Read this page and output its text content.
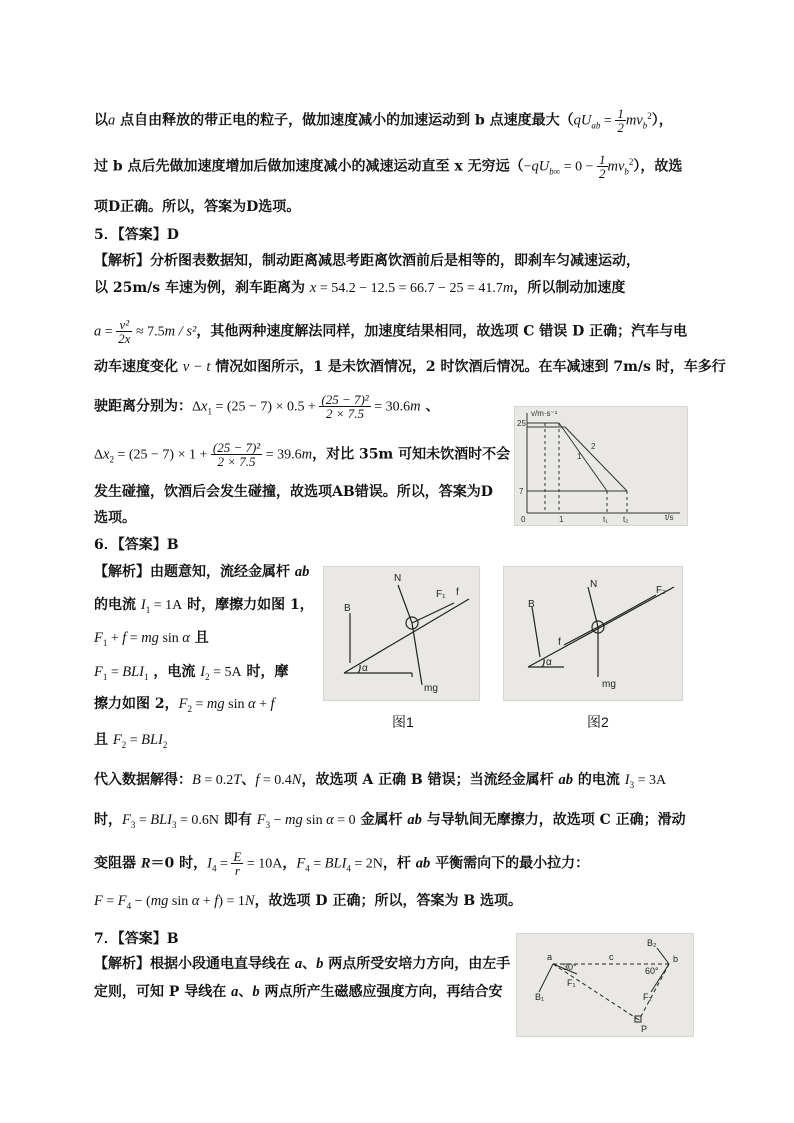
以a 点自由释放的带正电的粒子，做加速度减小的加速运动到 b 点速度最大$(qU_{ab} = \frac{1}{2} mv_b^2)$，
过 b 点后先做加速度增加后做加速度减小的减速运动直至 x 无穷远$(-qU_{b\infty} = 0 - \frac{1}{2} mv_b^2)$，故选
项D正确。所以，答案为D选项。
5．【答案】D
【解析】分析图表数据知，制动距离减思考距离饮酒前后是相等的，即刹车匀减速运动，
以 25m/s 车速为例，刹车距离为 x = 54.2 − 12.5 = 66.7 − 25 = 41.7m，所以制动加速度
$a = \frac{\text{v²}}{2x} \approx 7.5m / s^2$，其他两种速度解法同样，加速度结果相同，故选项 C 错误 D 正确；汽车与电
动车速度变化 v − t 情况如图所示，1 是未饮酒情况，2 时饮酒后情况。在车减速到 7m/s 时，车多行
驶距离分别为：$\Delta x_1 = (25 - 7) \times 0.5 + \frac{\text{(25 − 7)²}}{2 \times 7.5} = 30.6m$ 、
$\Delta x_2 = (25 - 7) \times 1 + \frac{\text{(25 − 7)²}}{2 \times 7.5} = 39.6m$，对比 35m 可知未饮酒时不会
发生碰撞，饮酒后会发生碰撞，故选项AB错误。所以，答案为D
选项。
6．【答案】B
【解析】由题意知，流经金属杆 ab
的电流 $I_1 = 1A$ 时，摩擦力如图 1，
$F_1 + f$ = mg sin α 且
$F_1 = BLI_1$ ，电流 $I_2 = 5A$ 时，摩
擦力如图 2，$F_2$ = mg sin α + f
且 $F_2 = BLI_2$
代入数据解得：B = 0.2T、f = 0.4N，故选项 A 正确 B 错误；当流经金属杆 ab 的电流 $I_3 = 3A$
时，$F_3 = BLI_3 = 0.6N$ 即有 $F_3$ − mg sin α = 0 金属杆 ab 与导轨间无摩擦力，故选项 C 正确；滑动
变阻器 R＝0 时，$I_4 = \frac{E}{r} = 10A$，$F_4 = BLI_4 = 2N$，杆 ab 平衡需向下的最小拉力：
$F = F_4 - (mg$ sin α + f) = 1N，故选项 D 正确；所以，答案为 B 选项。
7．【答案】B
【解析】根据小段通电直导线在 a、b 两点所受安培力方向，由左手
定则，可知 P 导线在 a、b 两点所产生磁感应强度方向，再结合安
v/m·s⁻¹
25
7
0	1
2
1
t₁ t₂	t/s
N
F₁ f
B
α
mg
图1
N
F₂
f
B
α
mg
图2
a	b
c
30°	60°
F₁
F₂
B₁
B₂
P
